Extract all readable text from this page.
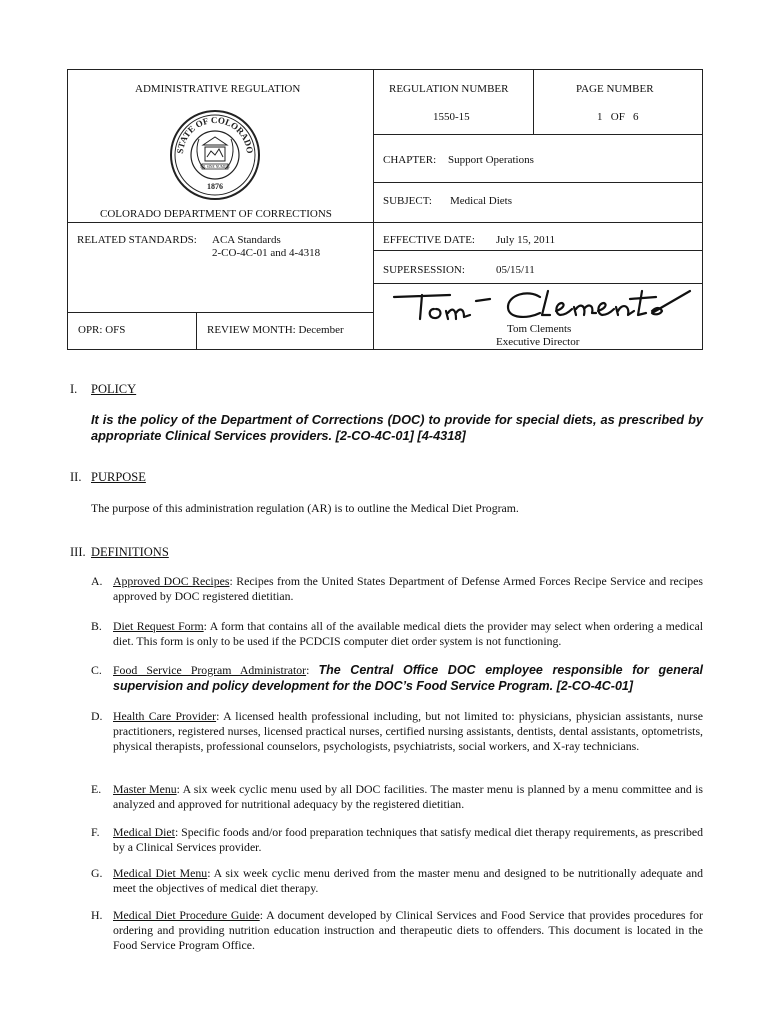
ADMINISTRATIVE REGULATION	REGULATION NUMBER	PAGE NUMBER
1550-15	1   OF   6
CHAPTER: Support Operations
SUBJECT: Medical Diets
COLORADO DEPARTMENT OF CORRECTIONS
RELATED STANDARDS: ACA Standards
2-CO-4C-01 and 4-4318
EFFECTIVE DATE: July 15, 2011
SUPERSESSION:	05/15/11
OPR: OFS	REVIEW MONTH: December	Tom Clements
Executive Director
STATE OF COLORADO
NIL SINE NUMINE
1876
I. POLICY
It is the policy of the Department of Corrections (DOC) to provide for special diets, as prescribed by appropriate Clinical Services providers. [2-CO-4C-01] [4-4318]
II. PURPOSE
The purpose of this administration regulation (AR) is to outline the Medical Diet Program.
III. DEFINITIONS
A. Approved DOC Recipes: Recipes from the United States Department of Defense Armed Forces Recipe Service and recipes approved by DOC registered dietitian.
B. Diet Request Form: A form that contains all of the available medical diets the provider may select when ordering a medical diet. This form is only to be used if the PCDCIS computer diet order system is not functioning.
C. Food Service Program Administrator: The Central Office DOC employee responsible for general supervision and policy development for the DOC’s Food Service Program. [2-CO-4C-01]
D. Health Care Provider: A licensed health professional including, but not limited to: physicians, physician assistants, nurse practitioners, registered nurses, licensed practical nurses, certified nursing assistants, dentists, dental assistants, optometrists, physical therapists, professional counselors, psychologists, psychiatrists, social workers, and X-ray technicians.
E. Master Menu: A six week cyclic menu used by all DOC facilities. The master menu is planned by a menu committee and is analyzed and approved for nutritional adequacy by the registered dietitian.
F. Medical Diet: Specific foods and/or food preparation techniques that satisfy medical diet therapy requirements, as prescribed by a Clinical Services provider.
G. Medical Diet Menu: A six week cyclic menu derived from the master menu and designed to be nutritionally adequate and meet the objectives of medical diet therapy.
H. Medical Diet Procedure Guide: A document developed by Clinical Services and Food Service that provides procedures for ordering and providing nutrition education instruction and therapeutic diets to offenders. This document is located in the Food Service Program Office.
